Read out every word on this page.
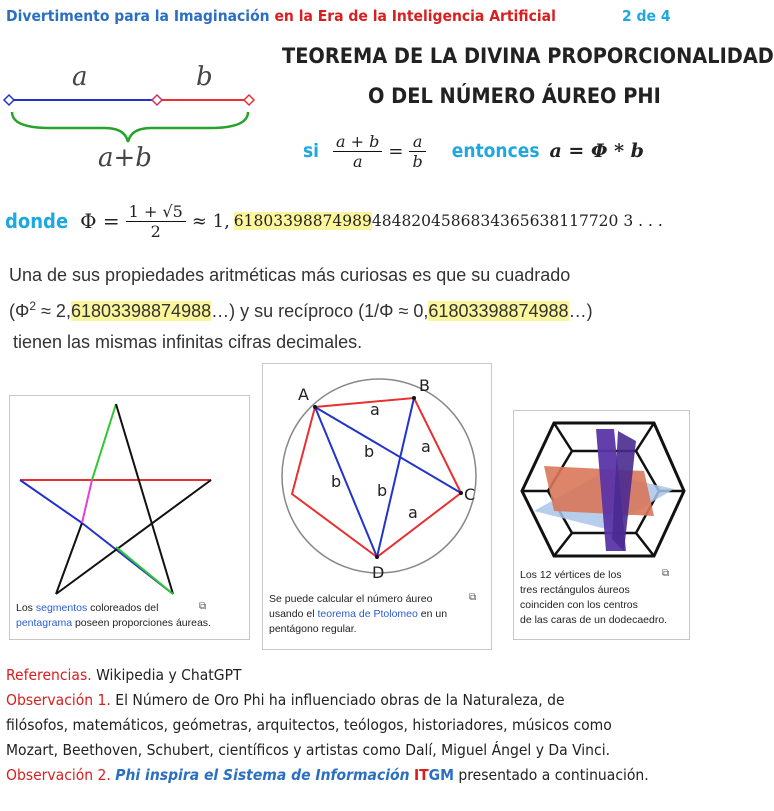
Divertimento para la Imaginación en la Era de la Inteligencia Artificial	2 de 4
a	b
a+b
TEOREMA DE LA DIVINA PROPORCIONALIDAD
O DEL NÚMERO ÁUREO PHI
si $\frac{a + b}{a} = \frac{a}{b}$ entonces a = Φ * b
donde $\Phi = \frac{1 + √5}{2} \approx 1$, 618033988749894848204586834365638117720 3 . . .
Una de sus propiedades aritméticas más curiosas es que su cuadrado
($\Phi^2$ ≈ 2,61803398874988…) y su recíproco (1/Φ ≈ 0,61803398874988…)
tienen las mismas infinitas cifras decimales.
Los segmentos coloreados del
pentagrama poseen proporciones áureas.
⧉
A	B
C
D
a
a
a
b
b b
Se puede calcular el número áureo
usando el teorema de Ptolomeo en un
pentágono regular.
⧉
Los 12 vértices de los
tres rectángulos áureos
coinciden con los centros
de las caras de un dodecaedro.
⧉
Referencias. Wikipedia y ChatGPT
Observación 1. El Número de Oro Phi ha influenciado obras de la Naturaleza, de
filósofos, matemáticos, geómetras, arquitectos, teólogos, historiadores, músicos como
Mozart, Beethoven, Schubert, científicos y artistas como Dalí, Miguel Ángel y Da Vinci.
Observación 2. Phi inspira el Sistema de Información ITGM presentado a continuación.
